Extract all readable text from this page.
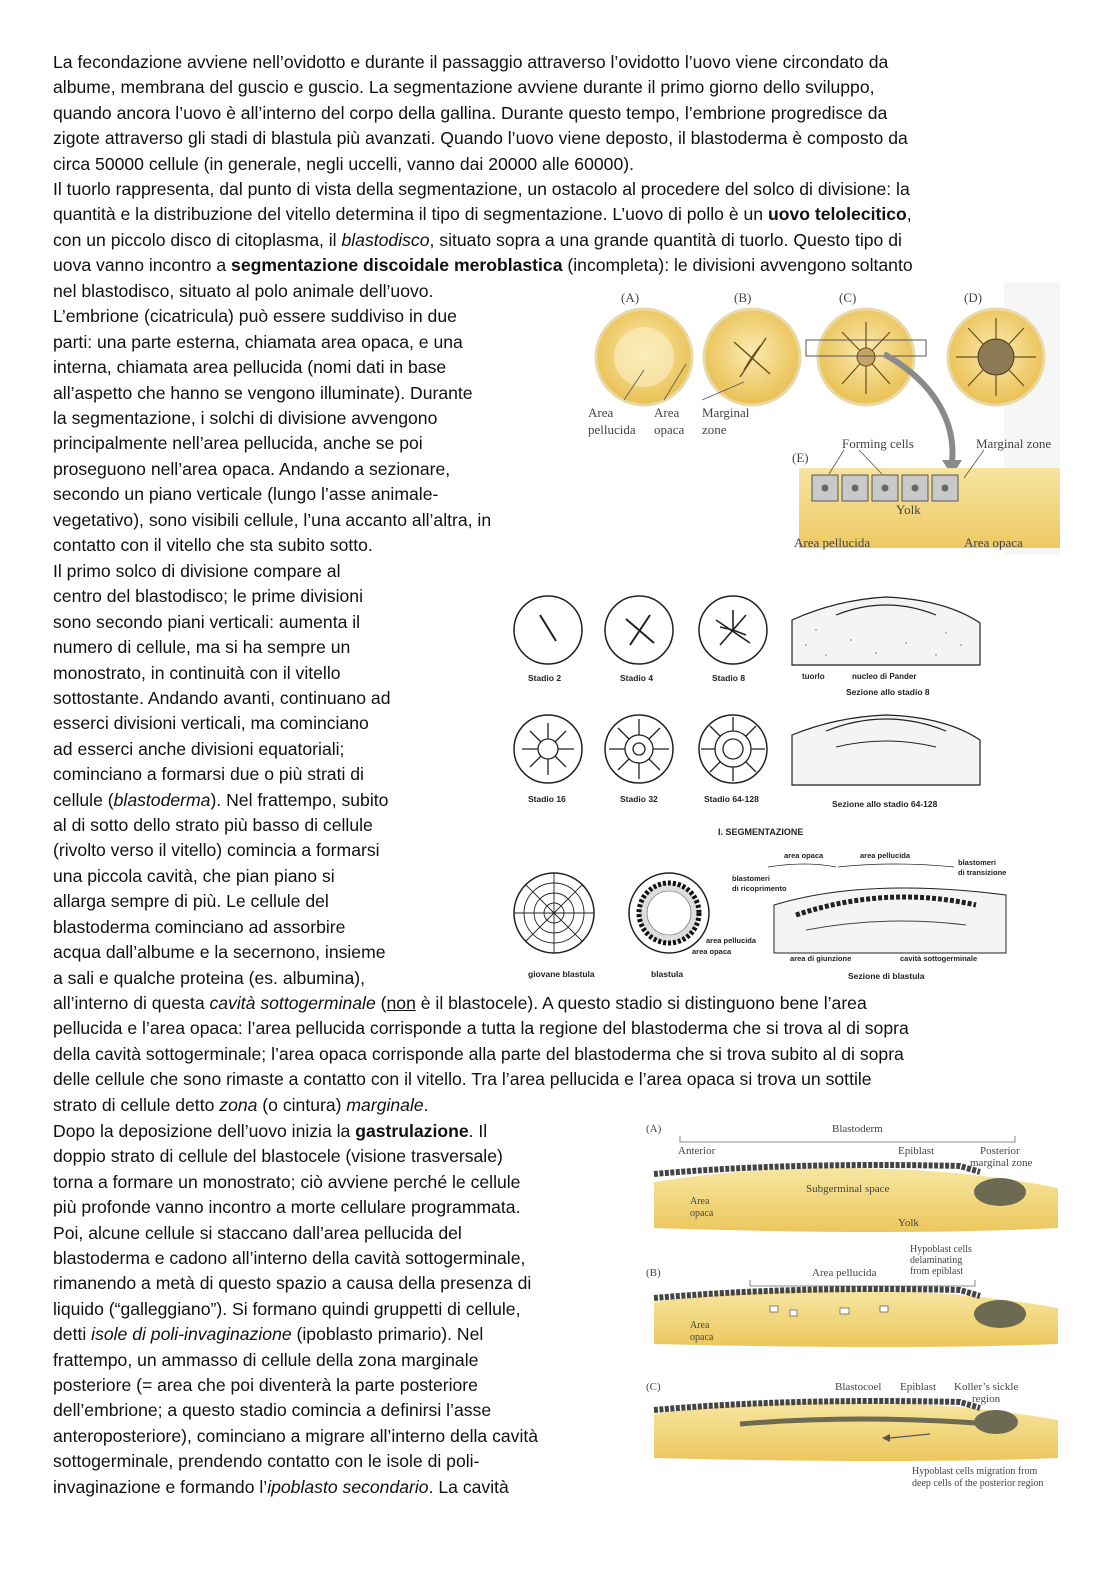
La fecondazione avviene nell’ovidotto e durante il passaggio attraverso l’ovidotto l’uovo viene circondato da
albume, membrana del guscio e guscio. La segmentazione avviene durante il primo giorno dello sviluppo,
quando ancora l’uovo è all’interno del corpo della gallina. Durante questo tempo, l’embrione progredisce da
zigote attraverso gli stadi di blastula più avanzati. Quando l’uovo viene deposto, il blastoderma è composto da
circa 50000 cellule (in generale, negli uccelli, vanno dai 20000 alle 60000).
Il tuorlo rappresenta, dal punto di vista della segmentazione, un ostacolo al procedere del solco di divisione: la
quantità e la distribuzione del vitello determina il tipo di segmentazione. L’uovo di pollo è un uovo telolecitico,
con un piccolo disco di citoplasma, il blastodisco, situato sopra a una grande quantità di tuorlo. Questo tipo di
uova vanno incontro a segmentazione discoidale meroblastica (incompleta): le divisioni avvengono soltanto
nel blastodisco, situato al polo animale dell’uovo.
L’embrione (cicatricula) può essere suddiviso in due
parti: una parte esterna, chiamata area opaca, e una
interna, chiamata area pellucida (nomi dati in base
all’aspetto che hanno se vengono illuminate). Durante
la segmentazione, i solchi di divisione avvengono
principalmente nell’area pellucida, anche se poi
proseguono nell’area opaca. Andando a sezionare,
secondo un piano verticale (lungo l’asse animale-
vegetativo), sono visibili cellule, l’una accanto all’altra, in
contatto con il vitello che sta subito sotto.
Il primo solco di divisione compare al
centro del blastodisco; le prime divisioni
sono secondo piani verticali: aumenta il
numero di cellule, ma si ha sempre un
monostrato, in continuità con il vitello
sottostante. Andando avanti, continuano ad
esserci divisioni verticali, ma cominciano
ad esserci anche divisioni equatoriali;
cominciano a formarsi due o più strati di
cellule (blastoderma). Nel frattempo, subito
al di sotto dello strato più basso di cellule
(rivolto verso il vitello) comincia a formarsi
una piccola cavità, che pian piano si
allarga sempre di più. Le cellule del
blastoderma cominciano ad assorbire
acqua dall’albume e la secernono, insieme
a sali e qualche proteina (es. albumina),
all’interno di questa cavità sottogerminale (non è il blastocele). A questo stadio si distinguono bene l’area
pellucida e l’area opaca: l’area pellucida corrisponde a tutta la regione del blastoderma che si trova al di sopra
della cavità sottogerminale; l’area opaca corrisponde alla parte del blastoderma che si trova subito al di sopra
delle cellule che sono rimaste a contatto con il vitello. Tra l’area pellucida e l’area opaca si trova un sottile
strato di cellule detto zona (o cintura) marginale.
Dopo la deposizione dell’uovo inizia la gastrulazione. Il
doppio strato di cellule del blastocele (visione trasversale)
torna a formare un monostrato; ciò avviene perché le cellule
più profonde vanno incontro a morte cellulare programmata.
Poi, alcune cellule si staccano dall’area pellucida del
blastoderma e cadono all’interno della cavità sottogerminale,
rimanendo a metà di questo spazio a causa della presenza di
liquido (“galleggiano”). Si formano quindi gruppetti di cellule,
detti isole di poli-invaginazione (ipoblasto primario). Nel
frattempo, un ammasso di cellule della zona marginale
posteriore (= area che poi diventerà la parte posteriore
dell’embrione; a questo stadio comincia a definirsi l’asse
anteroposteriore), cominciano a migrare all’interno della cavità
sottogerminale, prendendo contatto con le isole di poli-
invaginazione e formando l’ipoblasto secondario. La cavità
(A)	(B)	(C)	(D)
Area
pellucida
Area
opaca
Marginal
zone
Forming cells	Marginal zone
(E)
Yolk
Area pellucida	Area opaca
Stadio 2	Stadio 4	Stadio 8	tuorlo	nucleo di Pander
Sezione allo stadio 8
Stadio 16	Stadio 32	Stadio 64-128	Sezione allo stadio 64-128
I. SEGMENTAZIONE
giovane blastula	blastula
area pellucida
area opaca
area opaca	area pellucida
blastomeri
di transizione
blastomeri
di ricoprimento
area di giunzione	cavità sottogerminale
Sezione di blastula
(A)	Blastoderm
Anterior	Epiblast	Posterior
marginal zone
Subgerminal space
Area
opaca
Yolk
Hypoblast cells
delaminating
from epiblast
(B)	Area pellucida
Area
opaca
(C)	Blastocoel Epiblast Koller’s sickle
region
Hypoblast cells migration from
deep cells of the posterior region
